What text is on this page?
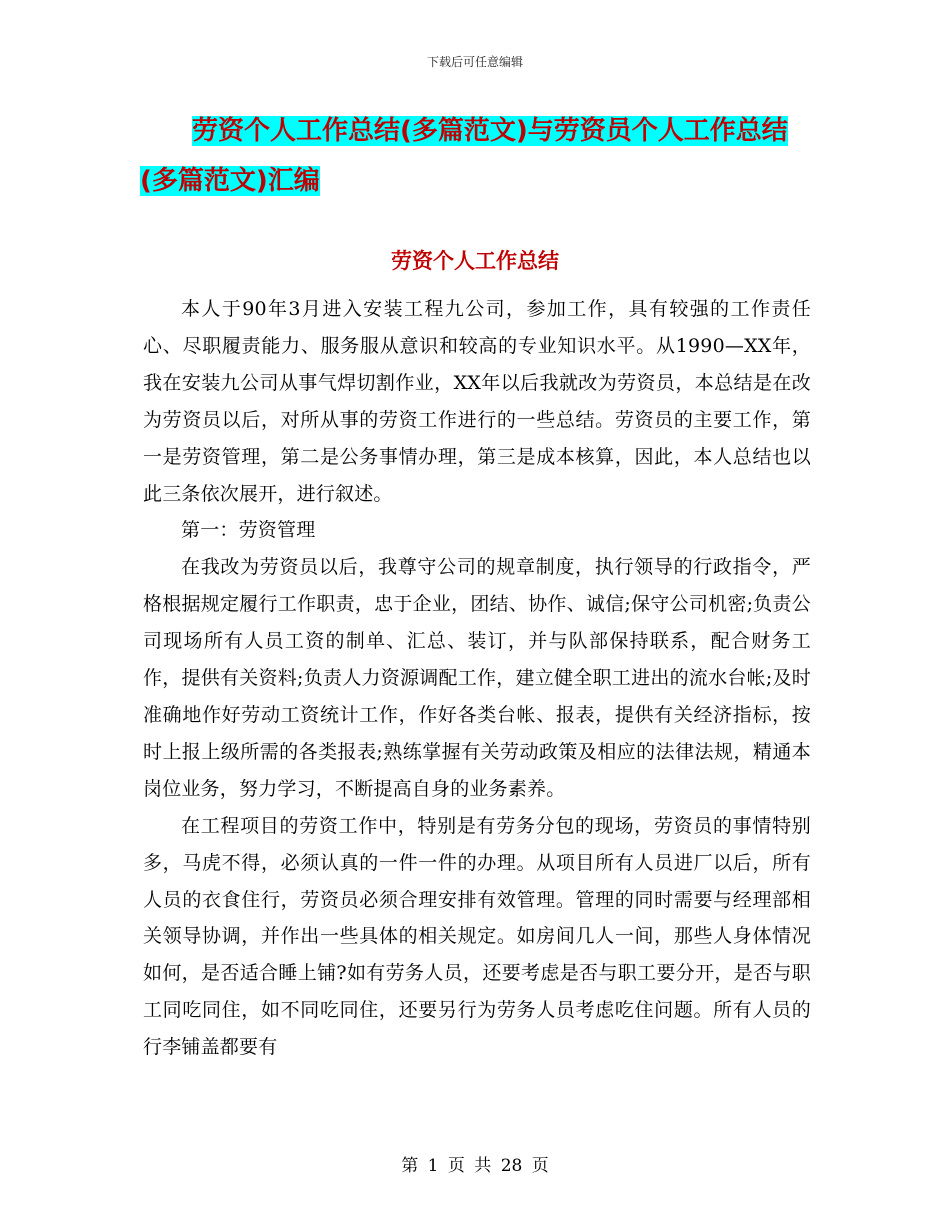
下载后可任意编辑
劳资个人工作总结(多篇范文)与劳资员个人工作总结
(多篇范文)汇编
劳资个人工作总结

本人于90年3月进入安装工程九公司，参加工作，具有较强的工作责任心、尽职履责能力、服务服从意识和较高的专业知识水平。从1990—XX年，我在安装九公司从事气焊切割作业，XX年以后我就改为劳资员，本总结是在改为劳资员以后，对所从事的劳资工作进行的一些总结。劳资员的主要工作，第一是劳资管理，第二是公务事情办理，第三是成本核算，因此，本人总结也以此三条依次展开，进行叙述。

第一：劳资管理

在我改为劳资员以后，我尊守公司的规章制度，执行领导的行政指令，严格根据规定履行工作职责，忠于企业，团结、协作、诚信;保守公司机密;负责公司现场所有人员工资的制单、汇总、装订，并与队部保持联系，配合财务工作，提供有关资料;负责人力资源调配工作，建立健全职工进出的流水台帐;及时准确地作好劳动工资统计工作，作好各类台帐、报表，提供有关经济指标，按时上报上级所需的各类报表;熟练掌握有关劳动政策及相应的法律法规，精通本岗位业务，努力学习，不断提高自身的业务素养。

在工程项目的劳资工作中，特别是有劳务分包的现场，劳资员的事情特别多，马虎不得，必须认真的一件一件的办理。从项目所有人员进厂以后，所有人员的衣食住行，劳资员必须合理安排有效管理。管理的同时需要与经理部相关领导协调，并作出一些具体的相关规定。如房间几人一间，那些人身体情况如何，是否适合睡上铺?如有劳务人员，还要考虑是否与职工要分开，是否与职工同吃同住，如不同吃同住，还要另行为劳务人员考虑吃住问题。所有人员的行李铺盖都要有

第 1 页 共 28 页
